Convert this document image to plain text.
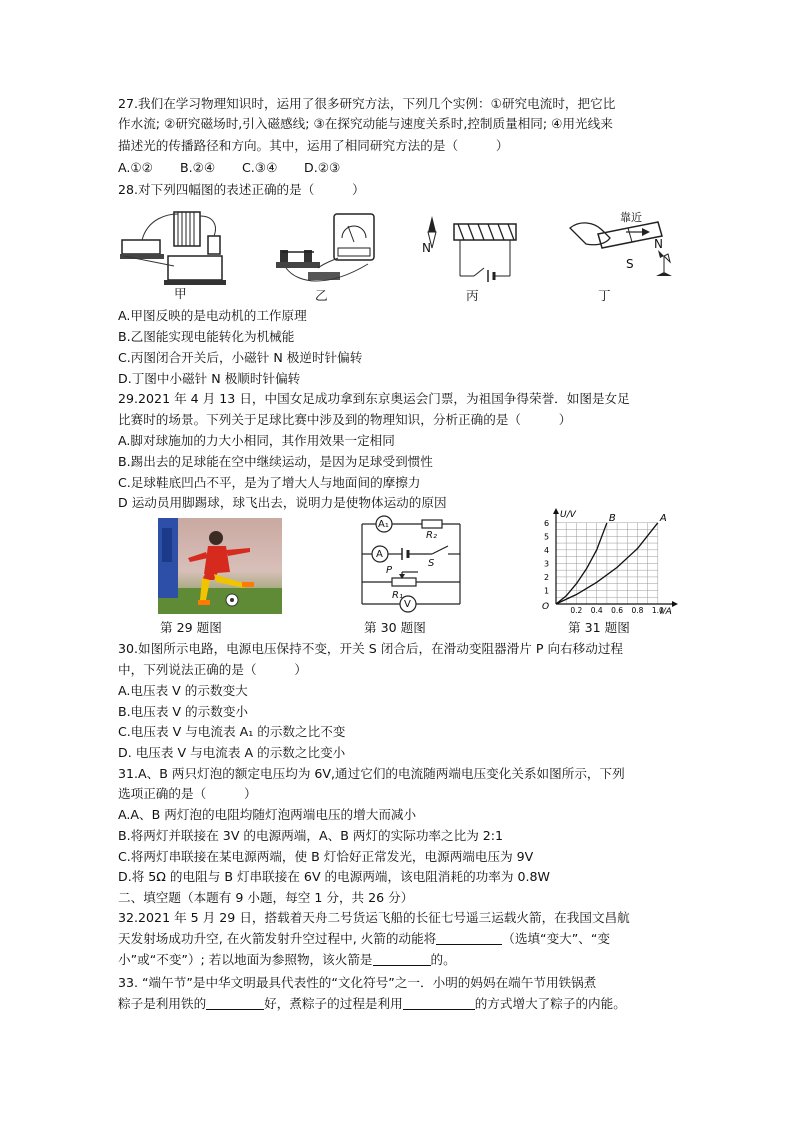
27.我们在学习物理知识时，运用了很多研究方法，下列几个实例：①研究电流时，把它比
作水流; ②研究磁场时,引入磁感线; ③在探究动能与速度关系时,控制质量相同; ④用光线来
描述光的传播路径和方向。其中，运用了相同研究方法的是（　　　）
A.①② B.②④ C.③④ D.②③
28.对下列四幅图的表述正确的是（　　　）
甲	乙
N
丙
靠近
S
N
丁
A.甲图反映的是电动机的工作原理
B.乙图能实现电能转化为机械能
C.丙图闭合开关后，小磁针 N 极逆时针偏转
D.丁图中小磁针 N 极顺时针偏转
29.2021 年 4 月 13 日，中国女足成功拿到东京奥运会门票，为祖国争得荣誉．如图是女足
比赛时的场景。下列关于足球比赛中涉及到的物理知识，分析正确的是（　　　）
A.脚对球施加的力大小相同，其作用效果一定相同
B.踢出去的足球能在空中继续运动，是因为足球受到惯性
C.足球鞋底凹凸不平，是为了增大人与地面间的摩擦力
D 运动员用脚踢球，球飞出去，说明力是使物体运动的原因
第 29 题图
A₁
R₂
A
S
P
R₁
V
第 30 题图
O
U/V
I/A
B	A
1
2
3
4
5
6
0.2 0.4 0.6 0.8 1.0
第 31 题图
30.如图所示电路，电源电压保持不变，开关 S 闭合后，在滑动变阻器滑片 P 向右移动过程
中，下列说法正确的是（　　　）
A.电压表 V 的示数变大
B.电压表 V 的示数变小
C.电压表 V 与电流表 A₁ 的示数之比不变
D. 电压表 V 与电流表 A 的示数之比变小
31.A、B 两只灯泡的额定电压均为 6V,通过它们的电流随两端电压变化关系如图所示，下列
选项正确的是（　　　）
A.A、B 两灯泡的电阻均随灯泡两端电压的增大而减小
B.将两灯并联接在 3V 的电源两端，A、B 两灯的实际功率之比为 2:1
C.将两灯串联接在某电源两端，使 B 灯恰好正常发光，电源两端电压为 9V
D.将 5Ω 的电阻与 B 灯串联接在 6V 的电源两端，该电阻消耗的功率为 0.8W
二、填空题（本题有 9 小题，每空 1 分，共 26 分）
32.2021 年 5 月 29 日，搭载着天舟二号货运飞船的长征七号遥三运载火箭，在我国文昌航
天发射场成功升空, 在火箭发射升空过程中, 火箭的动能将	（选填“变大”、“变
小”或“不变”）; 若以地面为参照物，该火箭是	的。
33. “端午节”是中华文明最具代表性的“文化符号”之一．小明的妈妈在端午节用铁锅煮
粽子是利用铁的	好，煮粽子的过程是利用	的方式增大了粽子的内能。
